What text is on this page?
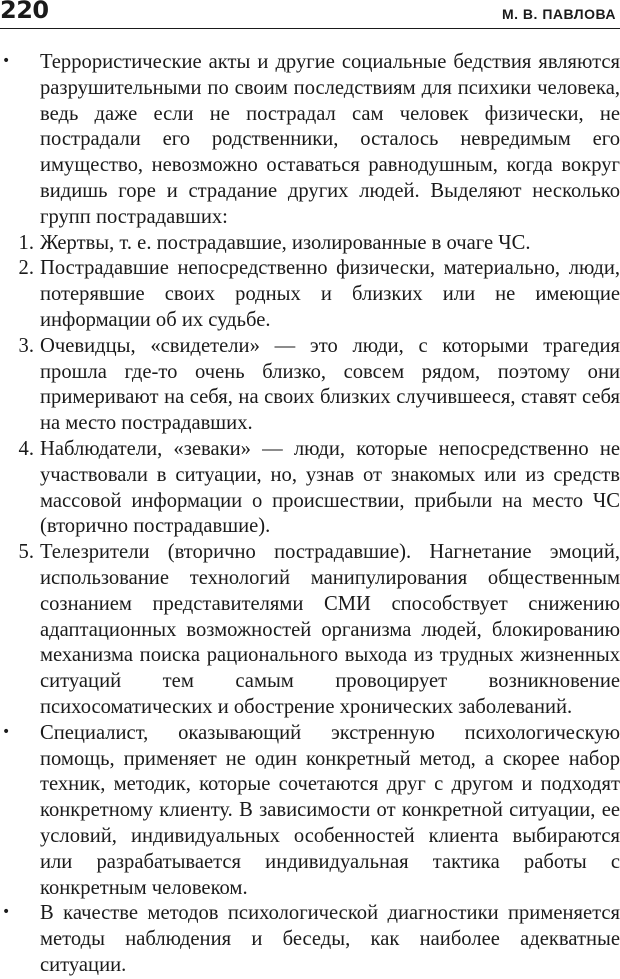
220	М. В. ПАВЛОВА

• Террористические акты и другие социальные бедствия являются разрушительными по своим последствиям для психики человека, ведь даже если не пострадал сам человек физически, не пострадали его родственники, осталось невредимым его имущество, невозможно оставаться равнодушным, когда вокруг видишь горе и страдание других людей. Выделяют несколько групп пострадавших:

1. Жертвы, т. е. пострадавшие, изолированные в очаге ЧС.

2. Пострадавшие непосредственно физически, материально, люди, потерявшие своих родных и близких или не имеющие информации об их судьбе.

3. Очевидцы, «свидетели» — это люди, с которыми трагедия прошла где-то очень близко, совсем рядом, поэтому они примеривают на себя, на своих близких случившееся, ставят себя на место пострадавших.

4. Наблюдатели, «зеваки» — люди, которые непосредственно не участвовали в ситуации, но, узнав от знакомых или из средств массовой информации о происшествии, прибыли на место ЧС (вторично пострадавшие).

5. Телезрители (вторично пострадавшие). Нагнетание эмоций, использование технологий манипулирования общественным сознанием представителями СМИ способствует снижению адаптационных возможностей организма людей, блокированию механизма поиска рационального выхода из трудных жизненных ситуаций тем самым провоцирует возникновение психосоматических и обострение хронических заболеваний.

• Специалист, оказывающий экстренную психологическую помощь, применяет не один конкретный метод, а скорее набор техник, методик, которые сочетаются друг с другом и подходят конкретному клиенту. В зависимости от конкретной ситуации, ее условий, индивидуальных особенностей клиента выбираются или разрабатывается индивидуальная тактика работы с конкретным человеком.

• В качестве методов психологической диагностики применяется методы наблюдения и беседы, как наиболее адекватные ситуации.
